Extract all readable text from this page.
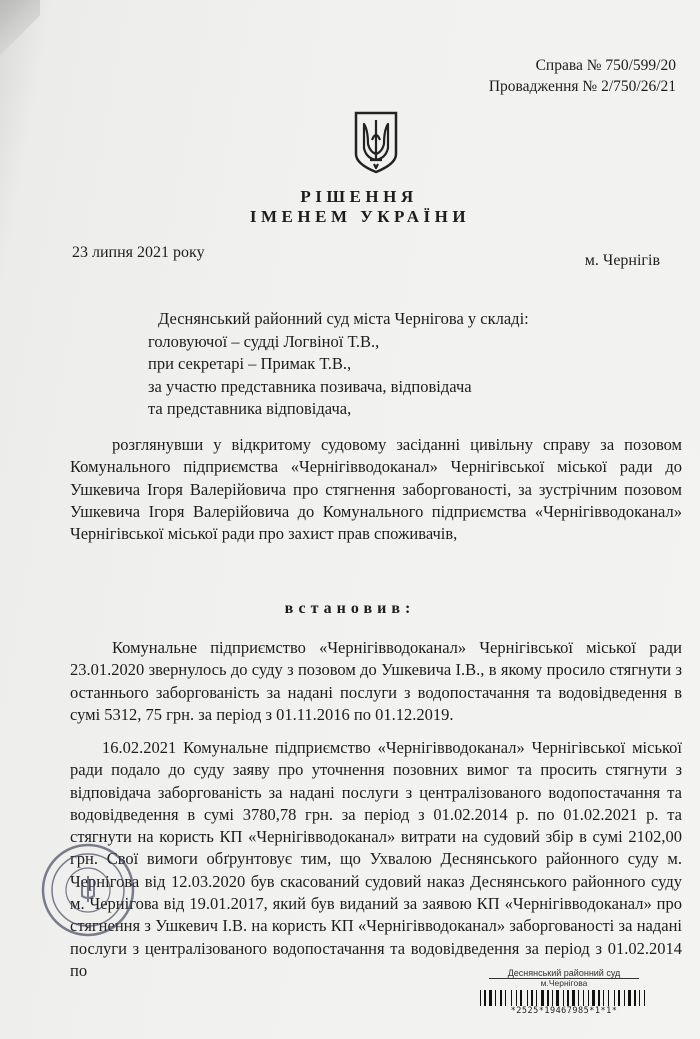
Справа № 750/599/20
Провадження № 2/750/26/21
РІШЕННЯ
ІМЕНЕМ УКРАЇНИ
23 липня 2021 року	м. Чернігів
Деснянський районний суд міста Чернігова у складі:
головуючої – судді Логвіної Т.В.,
при секретарі – Примак Т.В.,
за участю представника позивача, відповідача
та представника відповідача,
розглянувши у відкритому судовому засіданні цивільну справу за позовом Комунального підприємства «Чернігівводоканал» Чернігівської міської ради до Ушкевича Ігоря Валерійовича про стягнення заборгованості, за зустрічним позовом Ушкевича Ігоря Валерійовича до Комунального підприємства «Чернігівводоканал» Чернігівської міської ради про захист прав споживачів,
встановив:
Комунальне підприємство «Чернігівводоканал» Чернігівської міської ради 23.01.2020 звернулось до суду з позовом до Ушкевича І.В., в якому просило стягнути з останнього заборгованість за надані послуги з водопостачання та водовідведення в сумі 5312, 75 грн. за період з 01.11.2016 по 01.12.2019.
16.02.2021 Комунальне підприємство «Чернігівводоканал» Чернігівської міської ради подало до суду заяву про уточнення позовних вимог та просить стягнути з відповідача заборгованість за надані послуги з централізованого водопостачання та водовідведення в сумі 3780,78 грн. за період з 01.02.2014 р. по 01.02.2021 р. та стягнути на користь КП «Чернігівводоканал» витрати на судовий збір в сумі 2102,00 грн. Свої вимоги обґрунтовує тим, що Ухвалою Деснянського районного суду м. Чернігова від 12.03.2020 був скасований судовий наказ Деснянського районного суду м. Чернігова від 19.01.2017, який був виданий за заявою КП «Чернігівводоканал» про стягнення з Ушкевич І.В. на користь КП «Чернігівводоканал» заборгованості за надані послуги з централізованого водопостачання та водовідведення за період з 01.02.2014 по	Деснянський районний суд
м.Чернігова
*2525*19467985*1*1*
